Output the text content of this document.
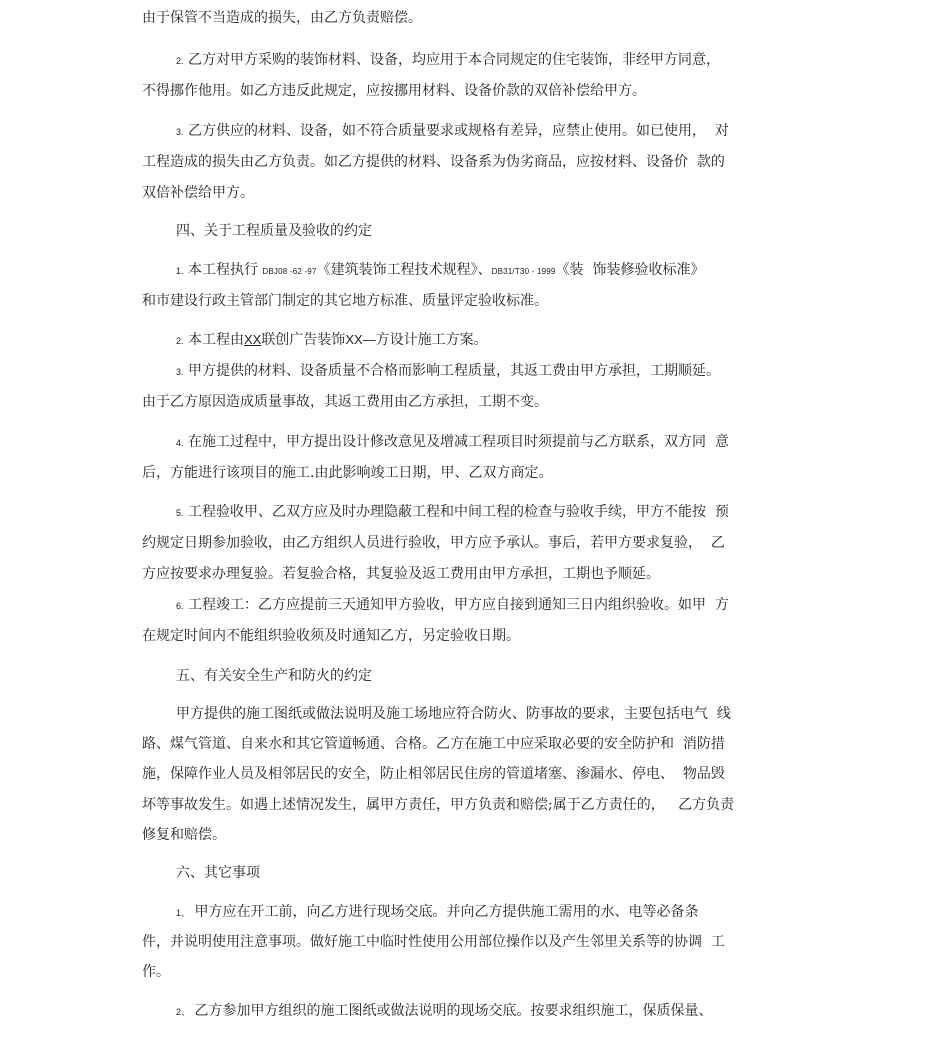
由于保管不当造成的损失，由乙方负责赔偿。
2. 乙方对甲方采购的装饰材料、设备，均应用于本合同规定的住宅装饰，非经甲方同意，
不得挪作他用。如乙方违反此规定，应按挪用材料、设备价款的双倍补偿给甲方。
3. 乙方供应的材料、设备，如不符合质量要求或规格有差异，应禁止使用。如已使用，  对
工程造成的损失由乙方负责。如乙方提供的材料、设备系为伪劣商品，应按材料、设备价  款的
双倍补偿给甲方。
四、关于工程质量及验收的约定
1. 本工程执行 DBJ08 -62 -97《建筑装饰工程技术规程》、DB31/T30 - 1999《装  饰装修验收标准》
和市建设行政主管部门制定的其它地方标准、质量评定验收标准。
2. 本工程由XX联创广告装饰XX—方设计施工方案。
3. 甲方提供的材料、设备质量不合格而影响工程质量，其返工费由甲方承担，工期顺延。
由于乙方原因造成质量事故，其返工费用由乙方承担，工期不变。
4. 在施工过程中，甲方提出设计修改意见及增减工程项目时须提前与乙方联系，双方同  意
后，方能进行该项目的施工.由此影响竣工日期，甲、乙双方商定。
5. 工程验收甲、乙双方应及时办理隐蔽工程和中间工程的检查与验收手续，甲方不能按  预
约规定日期参加验收，由乙方组织人员进行验收，甲方应予承认。事后，若甲方要求复验，  乙
方应按要求办理复验。若复验合格，其复验及返工费用由甲方承担，工期也予顺延。
6. 工程竣工：乙方应提前三天通知甲方验收，甲方应自接到通知三日内组织验收。如甲  方
在规定时间内不能组织验收须及时通知乙方，另定验收日期。
五、有关安全生产和防火的约定
甲方提供的施工图纸或做法说明及施工场地应符合防火、防事故的要求，主要包括电气  线
路、煤气管道、自来水和其它管道畅通、合格。乙方在施工中应采取必要的安全防护和  消防措
施，保障作业人员及相邻居民的安全，防止相邻居民住房的管道堵塞、渗漏水、停电、  物品毁
坏等事故发生。如遇上述情况发生，属甲方责任，甲方负责和赔偿;属于乙方责任的，   乙方负责
修复和赔偿。
六、其它事项
1、 甲方应在开工前，向乙方进行现场交底。并向乙方提供施工需用的水、电等必备条
件，并说明使用注意事项。做好施工中临时性使用公用部位操作以及产生邻里关系等的协调  工
作。
2、 乙方参加甲方组织的施工图纸或做法说明的现场交底。按要求组织施工，保质保量、
